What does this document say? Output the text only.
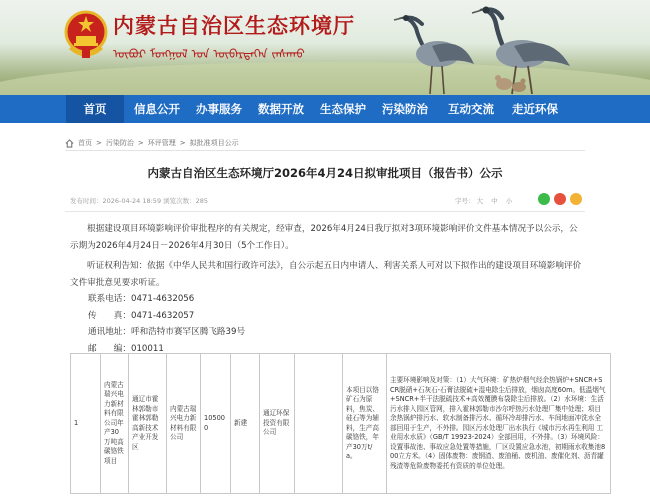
内蒙古自治区生态环境厅
ᠥᠪᠦᠷ ᠮᠣᠩᠭᠣᠯ ᠤᠨ ᠥᠪᠡᠷᠲᠡᠭᠡᠨ ᠵᠠᠰᠠᠬᠤ
首页	信息公开	办事服务	数据开放	生态保护	污染防治	互动交流	走近环保
首页 > 污染防治 > 环评管理 > 拟批准项目公示
内蒙古自治区生态环境厅2026年4月24日拟审批项目（报告书）公示
发布时间：2026-04-24 18:59 浏览次数：285	字号： 大 中 小
根据建设项目环境影响评价审批程序的有关规定，经审查，2026年4月24日我厅拟对3项环境影响评价文件基本情况予以公示，公示期为2026年4月24日－2026年4月30日（5个工作日）。
听证权利告知：依据《中华人民共和国行政许可法》，自公示起五日内申请人、利害关系人可对以下拟作出的建设项目环境影响评价文件审批意见要求听证。
联系电话：0471-4632056
传　　真：0471-4632057
通讯地址：呼和浩特市赛罕区腾飞路39号
邮　　编：010011
1	内蒙古瑞兴电力新材料有限公司年产30万吨高碳铬铁项目	通辽市霍林郭勒市霍林郭勒高新技术产业开发区	内蒙古瑞兴电力新材料有限公司	105000	新建	通辽环保投资有限公司		本项目以铬矿石为原料，焦炭、硅石等为辅料，生产高碳铬铁，年产30万t/a。	主要环境影响及对策：（1）大气环境：矿热炉烟气经余热锅炉+SNCR+SCR脱硝+石灰石-石膏法脱硫+湿电除尘后排放，烟囱高度60m。低温烟气+SNCR+半干法脱硫技术+高效覆膜布袋除尘后排放。（2）水环境：生活污水排入园区管网，排入霍林郭勒市沙尔呼热污水处理厂集中处理；项目余热锅炉排污水、软水制备排污水、循环冷却排污水、车间地面冲洗水全部回用于生产，不外排。园区污水处理厂出水执行《城市污水再生利用 工业用水水质》（GB/T 19923-2024）全部回用，不外排。（3）环境风险：设置事故池、事故应急处置等措施，厂区设置应急水池，初期雨水收集池800立方米。（4）固体废物：废钢渣、废油桶、废机油、废催化剂、沥青罐残渣等危险废物委托有资质的单位处理。
